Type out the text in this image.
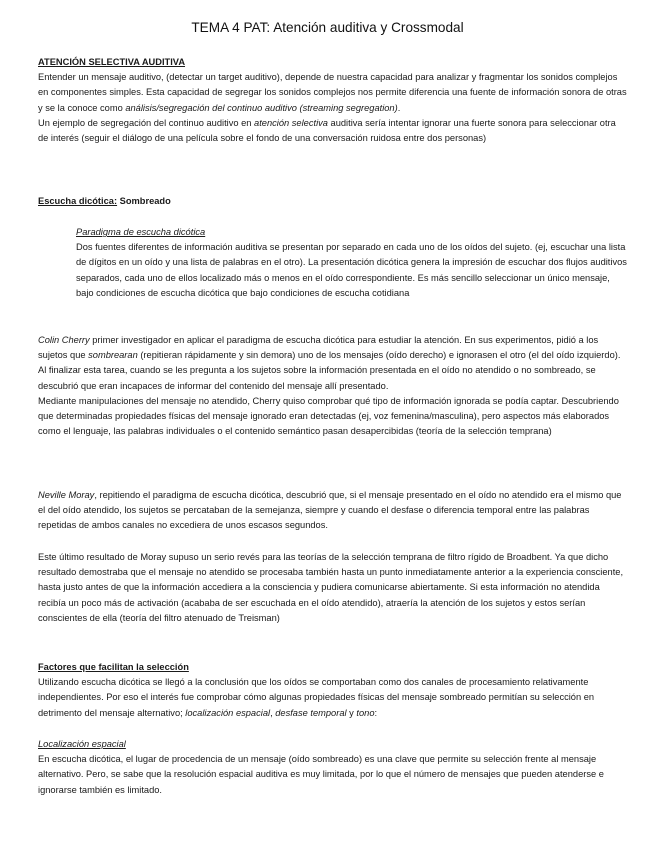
TEMA 4 PAT: Atención auditiva y Crossmodal

ATENCIÓN SELECTIVA AUDITIVA

Entender un mensaje auditivo, (detectar un target auditivo), depende de nuestra capacidad para analizar y fragmentar los sonidos complejos en componentes simples. Esta capacidad de segregar los sonidos complejos nos permite diferencia una fuente de información sonora de otras y se la conoce como análisis/segregación del continuo auditivo (streaming segregation).

Un ejemplo de segregación del continuo auditivo en atención selectiva auditiva sería intentar ignorar una fuerte sonora para seleccionar otra de interés (seguir el diálogo de una película sobre el fondo de una conversación ruidosa entre dos personas)

Escucha dicótica: Sombreado

Paradigma de escucha dicótica

Dos fuentes diferentes de información auditiva se presentan por separado en cada uno de los oídos del sujeto. (ej, escuchar una lista de dígitos en un oído y una lista de palabras en el otro). La presentación dicótica genera la impresión de escuchar dos flujos auditivos separados, cada uno de ellos localizado más o menos en el oído correspondiente. Es más sencillo seleccionar un único mensaje, bajo condiciones de escucha dicótica que bajo condiciones de escucha cotidiana

Colin Cherry primer investigador en aplicar el paradigma de escucha dicótica para estudiar la atención. En sus experimentos, pidió a los sujetos que sombrearan (repitieran rápidamente y sin demora) uno de los mensajes (oído derecho) e ignorasen el otro (el del oído izquierdo). Al finalizar esta tarea, cuando se les pregunta a los sujetos sobre la información presentada en el oído no atendido o no sombreado, se descubrió que eran incapaces de informar del contenido del mensaje allí presentado.

Mediante manipulaciones del mensaje no atendido, Cherry quiso comprobar qué tipo de información ignorada se podía captar. Descubriendo que determinadas propiedades físicas del mensaje ignorado eran detectadas (ej, voz femenina/masculina), pero aspectos más elaborados como el lenguaje, las palabras individuales o el contenido semántico pasan desapercibidas (teoría de la selección temprana)

Neville Moray, repitiendo el paradigma de escucha dicótica, descubrió que, si el mensaje presentado en el oído no atendido era el mismo que el del oído atendido, los sujetos se percataban de la semejanza, siempre y cuando el desfase o diferencia temporal entre las palabras repetidas de ambos canales no excediera de unos escasos segundos.

Este último resultado de Moray supuso un serio revés para las teorías de la selección temprana de filtro rígido de Broadbent. Ya que dicho resultado demostraba que el mensaje no atendido se procesaba también hasta un punto inmediatamente anterior a la experiencia consciente, hasta justo antes de que la información accediera a la consciencia y pudiera comunicarse abiertamente. Si esta información no atendida recibía un poco más de activación (acababa de ser escuchada en el oído atendido), atraería la atención de los sujetos y estos serían conscientes de ella (teoría del filtro atenuado de Treisman)

Factores que facilitan la selección

Utilizando escucha dicótica se llegó a la conclusión que los oídos se comportaban como dos canales de procesamiento relativamente independientes. Por eso el interés fue comprobar cómo algunas propiedades físicas del mensaje sombreado permitían su selección en detrimento del mensaje alternativo; localización espacial, desfase temporal y tono:

Localización espacial

En escucha dicótica, el lugar de procedencia de un mensaje (oído sombreado) es una clave que permite su selección frente al mensaje alternativo. Pero, se sabe que la resolución espacial auditiva es muy limitada, por lo que el número de mensajes que pueden atenderse e ignorarse también es limitado.
